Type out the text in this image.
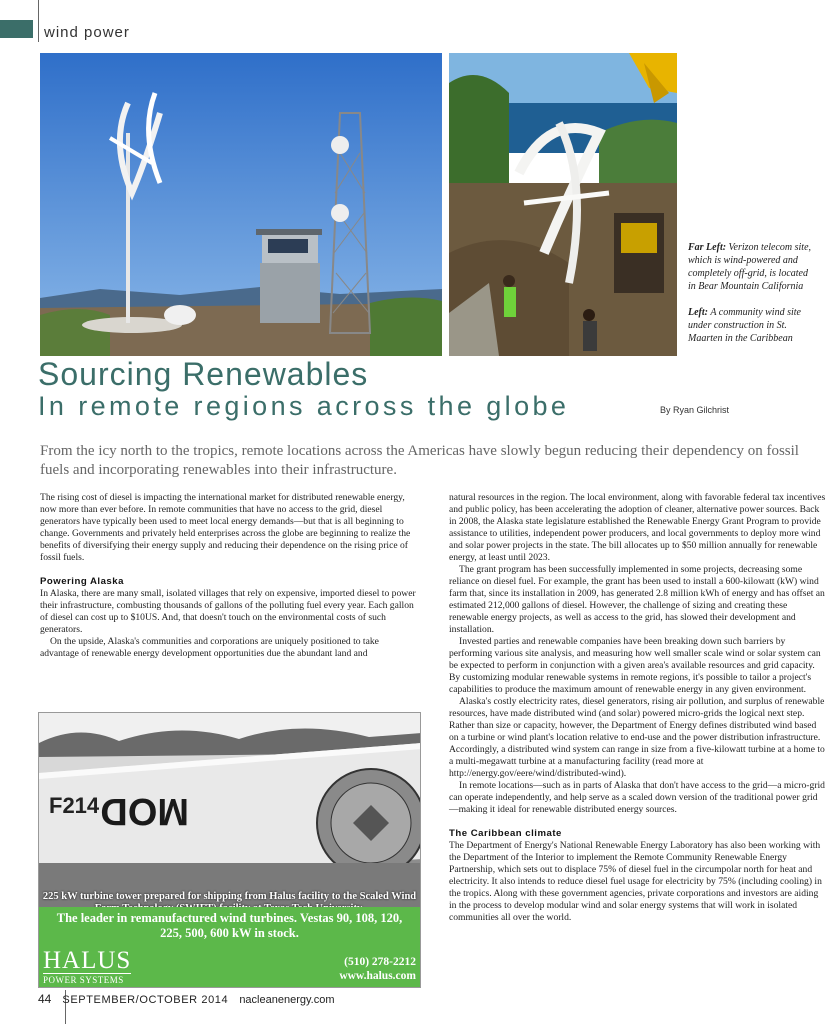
wind power

Far Left: Verizon telecom site, which is wind-powered and completely off-grid, is located in Bear Mountain California

Left: A community wind site under construction in St. Maarten in the Caribbean

Sourcing Renewables
In remote regions across the globe	By Ryan Gilchrist
From the icy north to the tropics, remote locations across the Americas have slowly begun reducing their dependency on fossil fuels and incorporating renewables into their infrastructure.

The rising cost of diesel is impacting the international market for distributed renewable energy, now more than ever before. In remote communities that have no access to the grid, diesel generators have typically been used to meet local energy demands—but that is all beginning to change. Governments and privately held enterprises across the globe are beginning to realize the benefits of diversifying their energy supply and reducing their dependence on the rising price of fossil fuels.

Powering Alaska

In Alaska, there are many small, isolated villages that rely on expensive, imported diesel to power their infrastructure, combusting thousands of gallons of the polluting fuel every year. Each gallon of diesel can cost up to $10US. And, that doesn't touch on the environmental costs of such generators.

On the upside, Alaska's communities and corporations are uniquely positioned to take advantage of renewable energy development opportunities due the abundant land and

natural resources in the region. The local environment, along with favorable federal tax incentives and public policy, has been accelerating the adoption of cleaner, alternative power sources. Back in 2008, the Alaska state legislature established the Renewable Energy Grant Program to provide assistance to utilities, independent power producers, and local governments to deploy more wind and solar power projects in the state. The bill allocates up to $50 million annually for renewable energy, at least until 2023.

The grant program has been successfully implemented in some projects, decreasing some reliance on diesel fuel. For example, the grant has been used to install a 600-kilowatt (kW) wind farm that, since its installation in 2009, has generated 2.8 million kWh of energy and has offset an estimated 212,000 gallons of diesel. However, the challenge of sizing and creating these renewable energy projects, as well as access to the grid, has slowed their development and installation.

Invested parties and renewable companies have been breaking down such barriers by performing various site analysis, and measuring how well smaller scale wind or solar system can be expected to perform in conjunction with a given area's available resources and grid capacity. By customizing modular renewable systems in remote regions, it's possible to tailor a project's capabilities to produce the maximum amount of renewable energy in any given environment.

Alaska's costly electricity rates, diesel generators, rising air pollution, and surplus of renewable resources, have made distributed wind (and solar) powered micro-grids the logical next step. Rather than size or capacity, however, the Department of Energy defines distributed wind based on a turbine or wind plant's location relative to end-use and the power distribution infrastructure. Accordingly, a distributed wind system can range in size from a five-kilowatt turbine at a home to a multi-megawatt turbine at a manufacturing facility (read more at http://energy.gov/eere/wind/distributed-wind).

In remote locations—such as in parts of Alaska that don't have access to the grid—a micro-grid can operate independently, and help serve as a scaled down version of the traditional power grid—making it ideal for renewable distributed energy sources.

The Caribbean climate

The Department of Energy's National Renewable Energy Laboratory has also been working with the Department of the Interior to implement the Remote Community Renewable Energy Partnership, which sets out to displace 75% of diesel fuel in the circumpolar north for heat and electricity. It also intends to reduce diesel fuel usage for electricity by 75% (including cooling) in the tropics. Along with these government agencies, private corporations and investors are aiding in the process to develop modular wind and solar energy systems that will work in isolated communities all over the world.

F214 MOD
225 kW turbine tower prepared for shipping from Halus facility to the Scaled Wind
The leader in remanufactured wind turbines. Vestas 90, 108, 120, 225, 500, 600 kW in stock.
HALUS
POWER SYSTEMS
(510) 278-2212
www.halus.com
44 SEPTEMBER/OCTOBER 2014 nacleanenergy.com
